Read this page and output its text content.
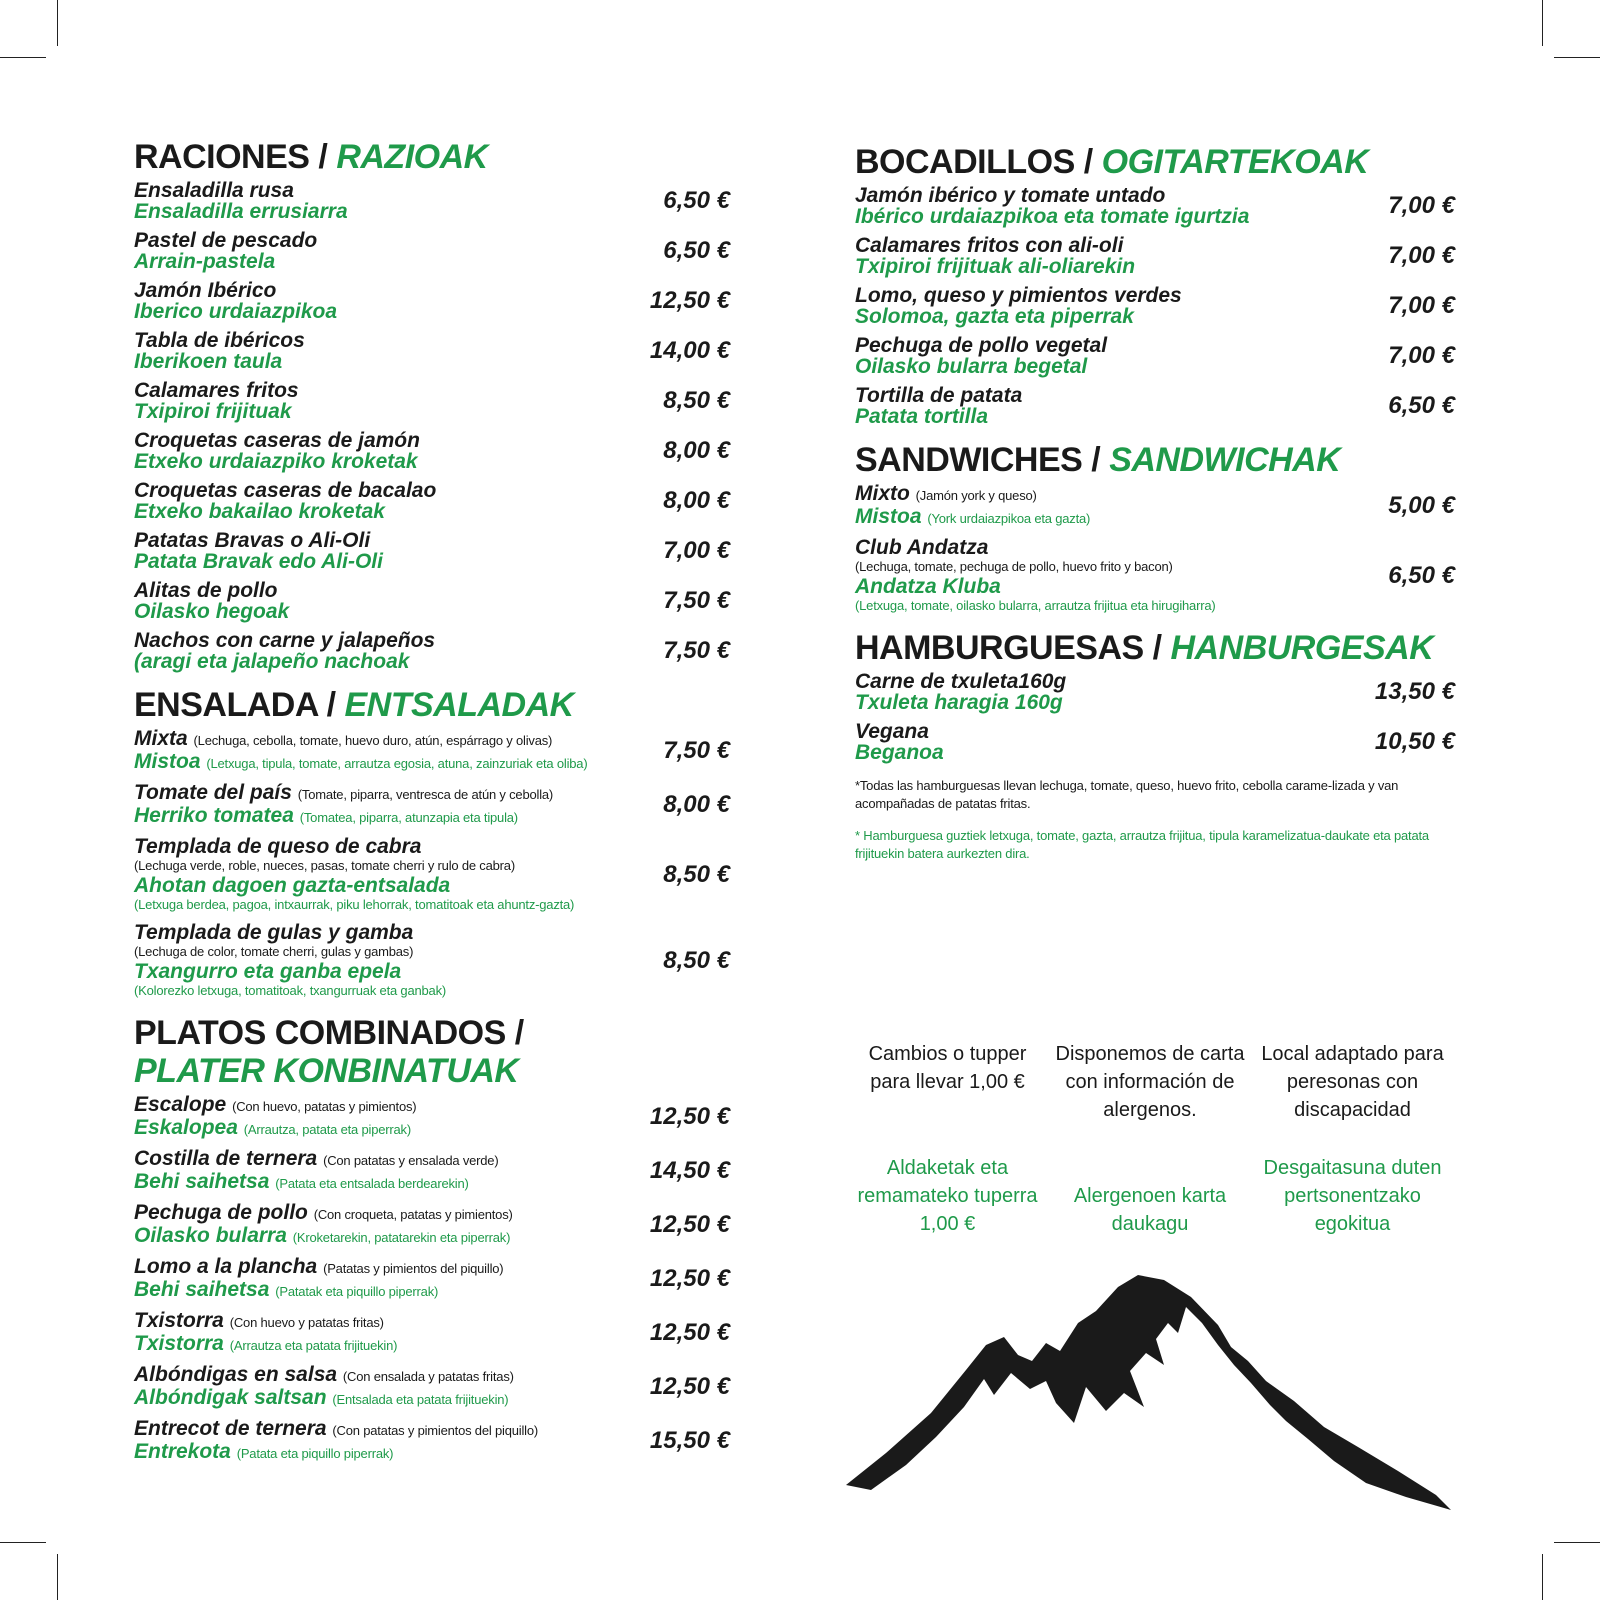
RACIONES / RAZIOAK
Ensaladilla rusa
Ensaladilla errusiarra	6,50 €
Pastel de pescado
Arrain-pastela	6,50 €
Jamón Ibérico
Iberico urdaiazpikoa	12,50 €
Tabla de ibéricos
Iberikoen taula	14,00 €
Calamares fritos
Txipiroi frijituak	8,50 €
Croquetas caseras de jamón
Etxeko urdaiazpiko kroketak	8,00 €
Croquetas caseras de bacalao
Etxeko bakailao kroketak	8,00 €
Patatas Bravas o Ali-Oli
Patata Bravak edo Ali-Oli	7,00 €
Alitas de pollo
Oilasko hegoak	7,50 €
Nachos con carne y jalapeños
(aragi eta jalapeño nachoak	7,50 €
ENSALADA / ENTSALADAK
Mixta (Lechuga, cebolla, tomate, huevo duro, atún, espárrago y olivas)
Mistoa (Letxuga, tipula, tomate, arrautza egosia, atuna, zainzuriak eta oliba)	7,50 €
Tomate del país (Tomate, piparra, ventresca de atún y cebolla)
Herriko tomatea (Tomatea, piparra, atunzapia eta tipula)	8,00 €
Templada de queso de cabra
(Lechuga verde, roble, nueces, pasas, tomate cherri y rulo de cabra)
Ahotan dagoen gazta-entsalada
(Letxuga berdea, pagoa, intxaurrak, piku lehorrak, tomatitoak eta ahuntz-gazta)
8,50 €
Templada de gulas y gamba
(Lechuga de color, tomate cherri, gulas y gambas)
Txangurro eta ganba epela
(Kolorezko letxuga, tomatitoak, txangurruak eta ganbak)
8,50 €
PLATOS COMBINADOS /
PLATER KONBINATUAK
Escalope (Con huevo, patatas y pimientos)
Eskalopea (Arrautza, patata eta piperrak)	12,50 €
Costilla de ternera (Con patatas y ensalada verde)
Behi saihetsa (Patata eta entsalada berdearekin)	14,50 €
Pechuga de pollo (Con croqueta, patatas y pimientos)
Oilasko bularra (Kroketarekin, patatarekin eta piperrak)	12,50 €
Lomo a la plancha (Patatas y pimientos del piquillo)
Behi saihetsa (Patatak eta piquillo piperrak)	12,50 €
Txistorra (Con huevo y patatas fritas)
Txistorra (Arrautza eta patata frijituekin)	12,50 €
Albóndigas en salsa (Con ensalada y patatas fritas)
Albóndigak saltsan (Entsalada eta patata frijituekin)	12,50 €
Entrecot de ternera (Con patatas y pimientos del piquillo)
Entrekota (Patata eta piquillo piperrak)	15,50 €
BOCADILLOS / OGITARTEKOAK
Jamón ibérico y tomate untado
Ibérico urdaiazpikoa eta tomate igurtzia	7,00 €
Calamares fritos con ali-oli
Txipiroi frijituak ali-oliarekin	7,00 €
Lomo, queso y pimientos verdes
Solomoa, gazta eta piperrak	7,00 €
Pechuga de pollo vegetal
Oilasko bularra begetal	7,00 €
Tortilla de patata
Patata tortilla	6,50 €
SANDWICHES / SANDWICHAK
Mixto (Jamón york y queso)
Mistoa (York urdaiazpikoa eta gazta)	5,00 €
Club Andatza
(Lechuga, tomate, pechuga de pollo, huevo frito y bacon)
Andatza Kluba
(Letxuga, tomate, oilasko bularra, arrautza frijitua eta hirugiharra)
6,50 €
HAMBURGUESAS / HANBURGESAK
Carne de txuleta160g
Txuleta haragia 160g	13,50 €
Vegana
Beganoa	10,50 €
*Todas las hamburguesas llevan lechuga, tomate, queso, huevo frito, cebolla carame-lizada y van acompañadas de patatas fritas.
* Hamburguesa guztiek letxuga, tomate, gazta, arrautza frijitua, tipula karamelizatua-daukate eta patata frijituekin batera aurkezten dira.
Cambios o tupper para llevar 1,00 €
Disponemos de carta con información de alergenos.
Local adaptado para peresonas con discapacidad
Aldaketak eta remamateko tuperra 1,00 €
Alergenoen karta daukagu
Desgaitasuna duten pertsonentzako egokitua
